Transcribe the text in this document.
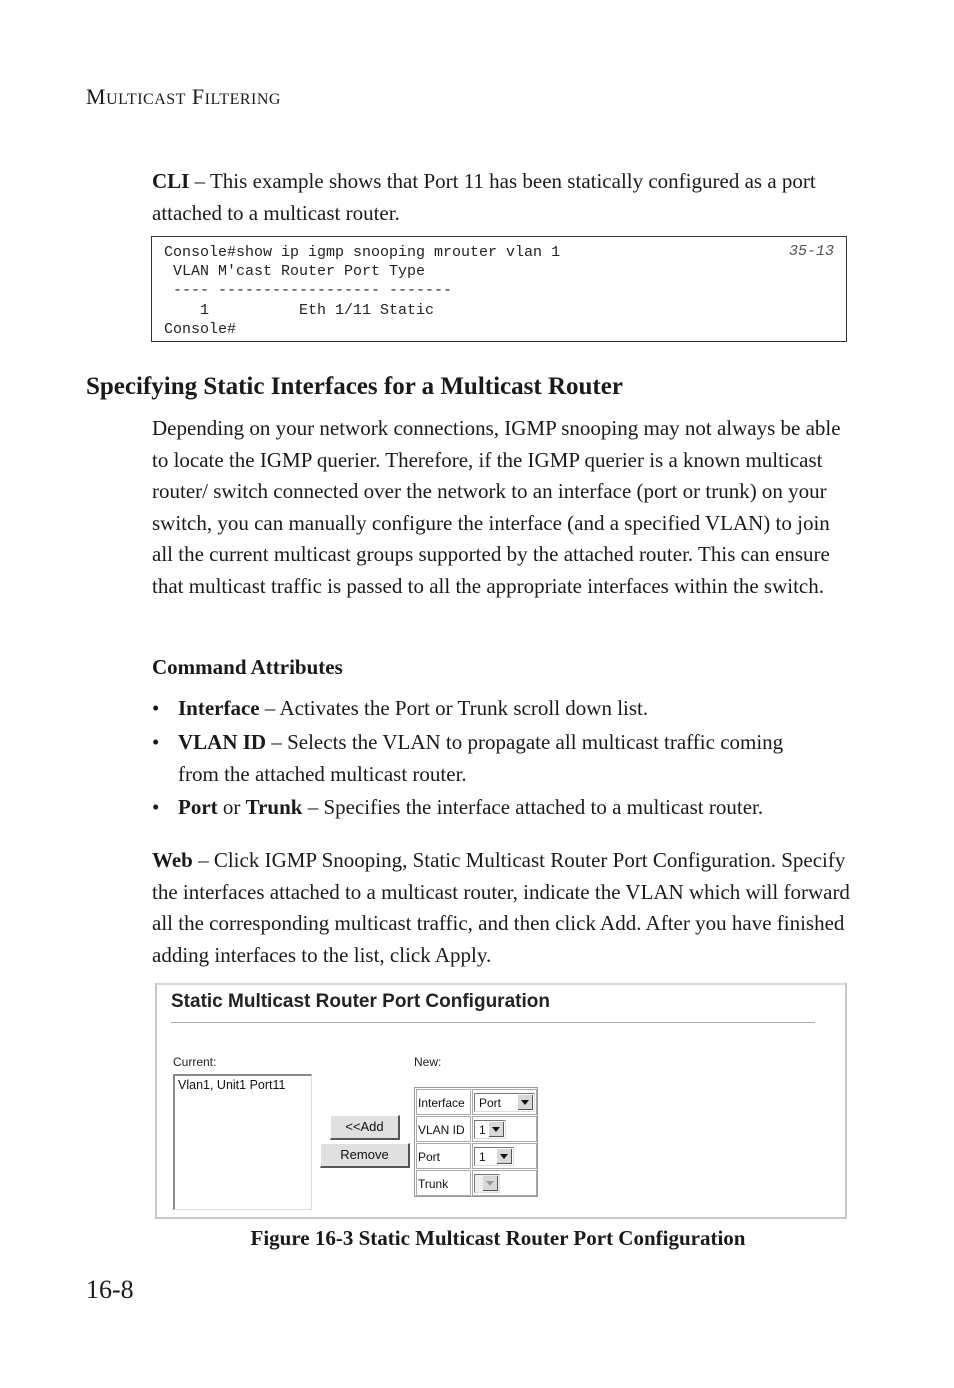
MULTICAST FILTERING
CLI – This example shows that Port 11 has been statically configured as a port attached to a multicast router.
Console#show ip igmp snooping mrouter vlan 1
VLAN M'cast Router Port Type
---- ------------------ -------
1          Eth 1/11 Static
Console#
35-13
Specifying Static Interfaces for a Multicast Router
Depending on your network connections, IGMP snooping may not always be able to locate the IGMP querier. Therefore, if the IGMP querier is a known multicast router/ switch connected over the network to an interface (port or trunk) on your switch, you can manually configure the interface (and a specified VLAN) to join all the current multicast groups supported by the attached router. This can ensure that multicast traffic is passed to all the appropriate interfaces within the switch.
Command Attributes
• Interface – Activates the Port or Trunk scroll down list.
• VLAN ID – Selects the VLAN to propagate all multicast traffic coming
from the attached multicast router.
• Port or Trunk – Specifies the interface attached to a multicast router.
Web – Click IGMP Snooping, Static Multicast Router Port Configuration. Specify the interfaces attached to a multicast router, indicate the VLAN which will forward all the corresponding multicast traffic, and then click Add. After you have finished adding interfaces to the list, click Apply.
Static Multicast Router Port Configuration
Current:	New:
Vlan1, Unit1 Port11
<<Add
Remove
Interface Port
VLAN ID 1
Port	1
Trunk
Figure 16-3 Static Multicast Router Port Configuration
16-8
